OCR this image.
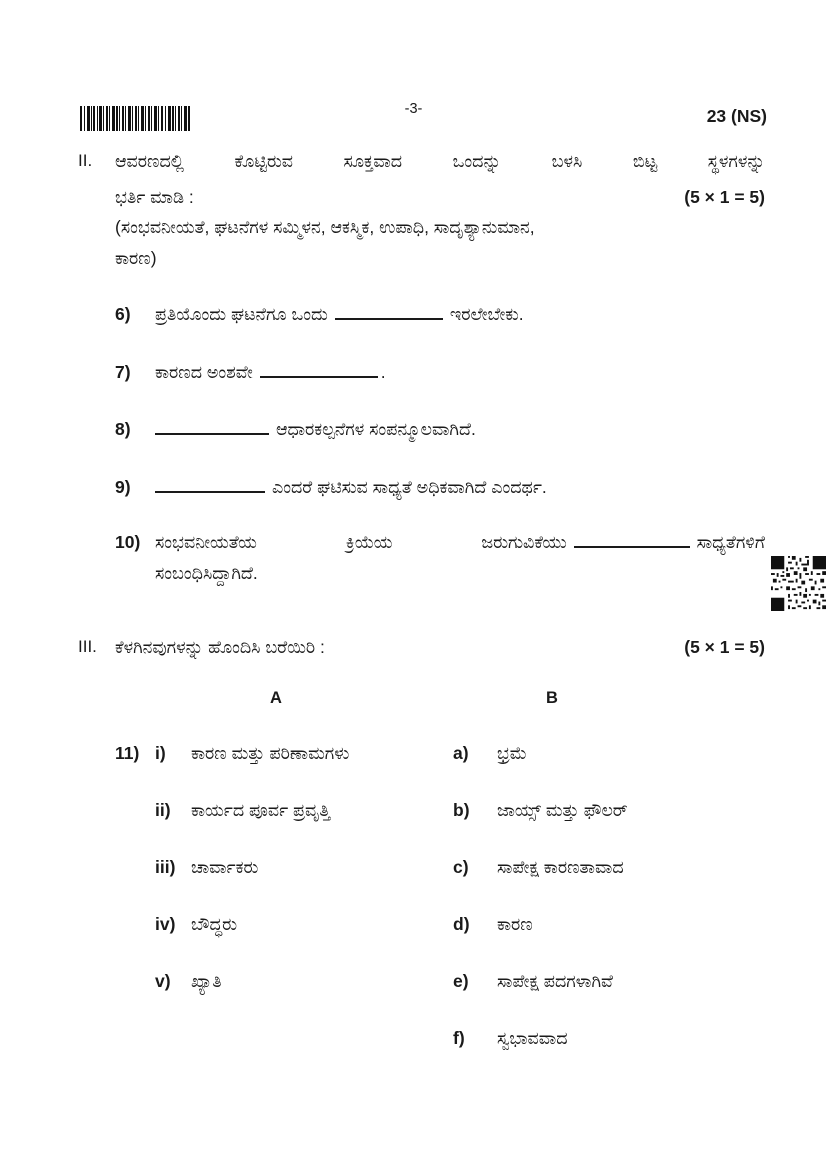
-3-	23 (NS)
II.	ಆವರಣದಲ್ಲಿ ಕೊಟ್ಟಿರುವ ಸೂಕ್ತವಾದ ಒಂದನ್ನು ಬಳಸಿ ಬಿಟ್ಟ ಸ್ಥಳಗಳನ್ನು
ಭರ್ತಿ ಮಾಡಿ :	(5 × 1 = 5)
(ಸಂಭವನೀಯತೆ, ಘಟನೆಗಳ ಸಮ್ಮಿಳನ, ಆಕಸ್ಮಿಕ, ಉಪಾಧಿ, ಸಾದೃಶ್ಯಾನುಮಾನ,
ಕಾರಣ)
6)	ಪ್ರತಿಯೊಂದು ಘಟನೆಗೂ ಒಂದು	ಇರಲೇಬೇಕು.
7)	ಕಾರಣದ ಅಂಶವೇ	.
8)	ಆಧಾರಕಲ್ಪನೆಗಳ ಸಂಪನ್ಮೂಲವಾಗಿದೆ.
9)	ಎಂದರೆ ಘಟಿಸುವ ಸಾಧ್ಯತೆ ಅಧಿಕವಾಗಿದೆ ಎಂದರ್ಥ.
10) ಸಂಭವನೀಯತೆಯ ಕ್ರಿಯೆಯ ಜರುಗುವಿಕೆಯು	ಸಾಧ್ಯತೆಗಳಿಗೆ
ಸಂಬಂಧಿಸಿದ್ದಾಗಿದೆ.
III.	ಕೆಳಗಿನವುಗಳನ್ನು ಹೊಂದಿಸಿ ಬರೆಯಿರಿ :	(5 × 1 = 5)
A	B
11) i)	ಕಾರಣ ಮತ್ತು ಪರಿಣಾಮಗಳು	a)	ಭ್ರಮೆ
ii)	ಕಾರ್ಯದ ಪೂರ್ವ ಪ್ರವೃತ್ತಿ	b)	ಜಾಯ್ಸ್ ಮತ್ತು ಫೌಲರ್
iii) ಚಾರ್ವಾಕರು	c)	ಸಾಪೇಕ್ಷ ಕಾರಣತಾವಾದ
iv) ಬೌದ್ಧರು	d)	ಕಾರಣ
v)	ಖ್ಯಾತಿ	e)	ಸಾಪೇಕ್ಷ ಪದಗಳಾಗಿವೆ
f)	ಸ್ವಭಾವವಾದ
